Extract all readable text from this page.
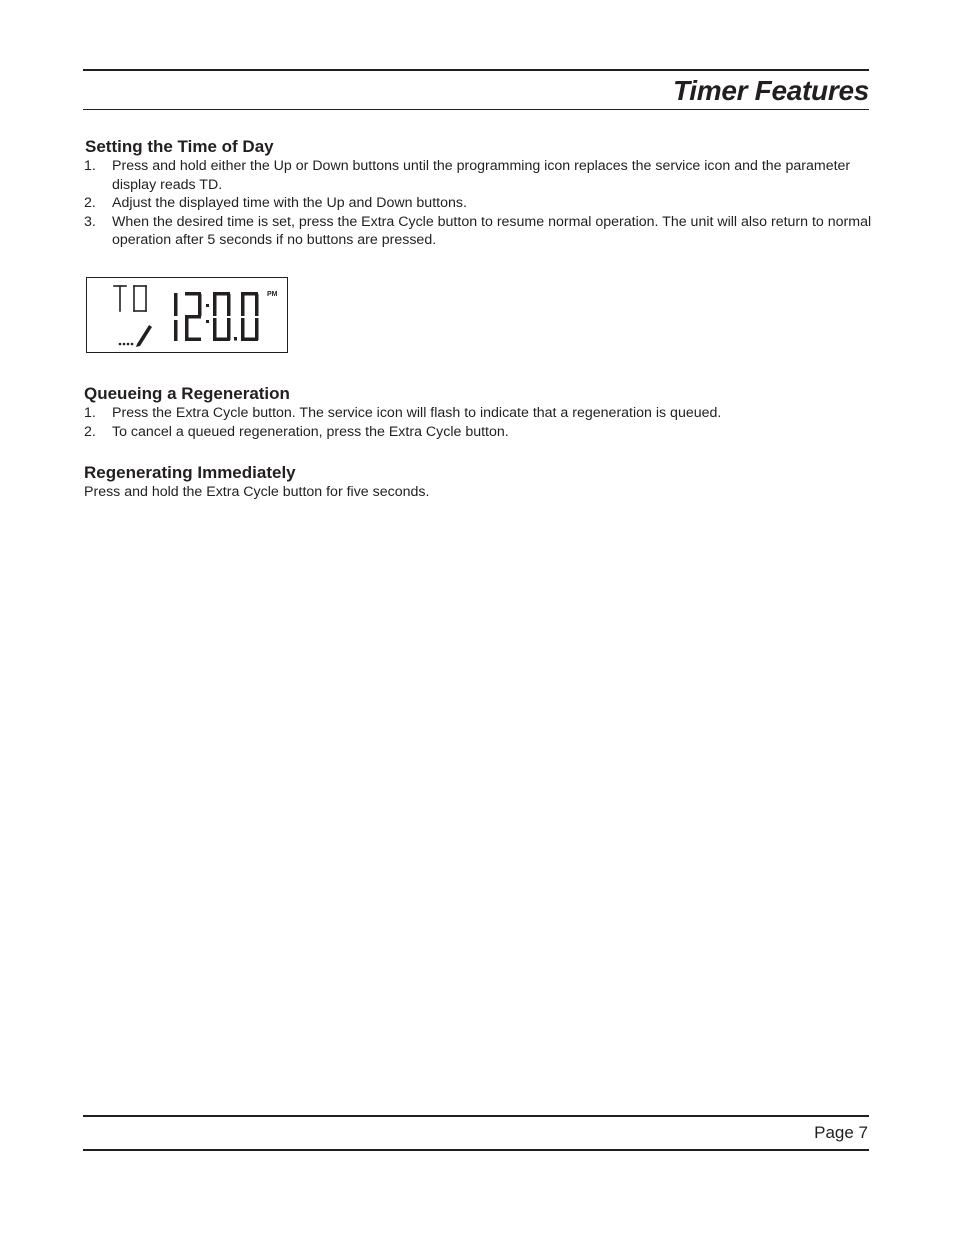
Timer Features
Setting the Time of Day
1. Press and hold either the Up or Down buttons until the programming icon replaces the service icon and the parameter display reads TD.
2. Adjust the displayed time with the Up and Down buttons.
3. When the desired time is set, press the Extra Cycle button to resume normal operation. The unit will also return to normal operation after 5 seconds if no buttons are pressed.
PM
Queueing a Regeneration
1. Press the Extra Cycle button. The service icon will flash to indicate that a regeneration is queued.
2. To cancel a queued regeneration, press the Extra Cycle button.
Regenerating Immediately

Press and hold the Extra Cycle button for five seconds.

Page 7
